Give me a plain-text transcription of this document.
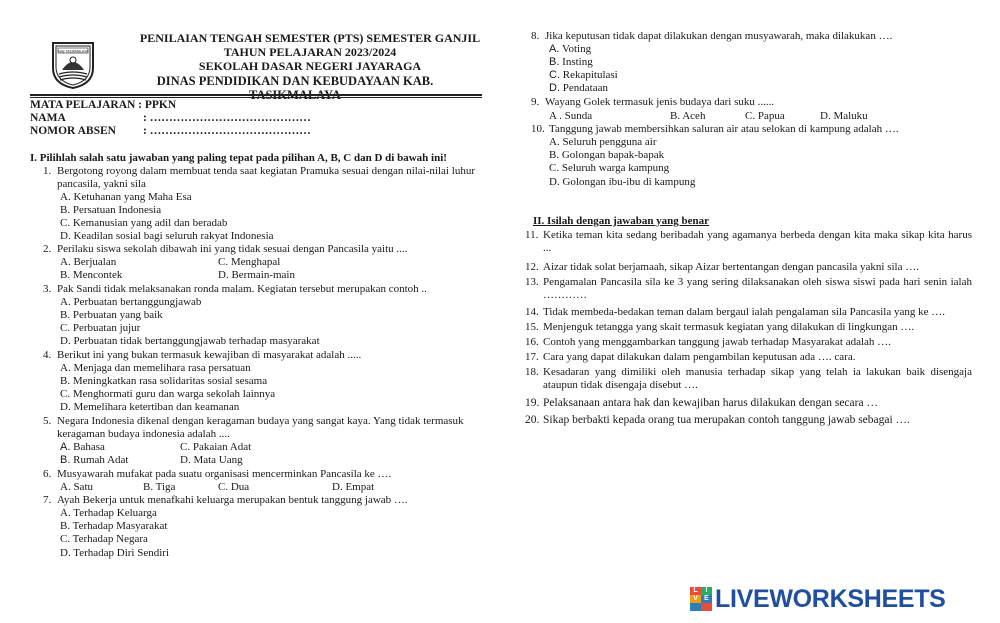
KAB TASIKMALAYA
PENILAIAN TENGAH SEMESTER (PTS) SEMESTER GANJIL
TAHUN PELAJARAN 2023/2024
SEKOLAH DASAR NEGERI JAYARAGA
DINAS PENDIDIKAN DAN KEBUDAYAAN KAB. TASIKMALAYA
MATA PELAJARAN : PPKN
NAMA	: ……………………………………
NOMOR ABSEN : ……………………………………
I. Pilihlah salah satu jawaban yang paling tepat pada pilihan A, B, C dan D di bawah ini!
1. Bergotong royong dalam membuat tenda saat kegiatan Pramuka sesuai dengan nilai-nilai luhur pancasila, yakni sila
A. Ketuhanan yang Maha Esa
B. Persatuan Indonesia
C. Kemanusian yang adil dan beradab
D. Keadilan sosial bagi seluruh rakyat Indonesia
2. Perilaku siswa sekolah dibawah ini yang tidak sesuai dengan Pancasila yaitu ....
A. Berjualan	C. Menghapal
B. Mencontek	D. Bermain-main
3. Pak Sandi tidak melaksanakan ronda malam. Kegiatan tersebut merupakan contoh ..
A. Perbuatan bertanggungjawab
B. Perbuatan yang baik
C. Perbuatan jujur
D. Perbuatan tidak bertanggungjawab terhadap masyarakat
4. Berikut ini yang bukan termasuk kewajiban di masyarakat adalah .....
A. Menjaga dan memelihara rasa persatuan
B. Meningkatkan rasa solidaritas sosial sesama
C. Menghormati guru dan warga sekolah lainnya
D. Memelihara ketertiban dan keamanan
5. Negara Indonesia dikenal dengan keragaman budaya yang sangat kaya. Yang tidak termasuk keragaman budaya indonesia adalah ....
A. Bahasa	C. Pakaian Adat
B. Rumah Adat	D. Mata Uang
6. Musyawarah mufakat pada suatu organisasi mencerminkan Pancasila ke ….
A. Satu	B. Tiga	C. Dua	D. Empat
7. Ayah Bekerja untuk menafkahi keluarga merupakan bentuk tanggung jawab ….
A. Terhadap Keluarga
B. Terhadap Masyarakat
C. Terhadap Negara
D. Terhadap Diri Sendiri
8. Jika keputusan tidak dapat dilakukan dengan musyawarah, maka dilakukan ….
A. Voting
B. Insting
C. Rekapitulasi
D. Pendataan
9. Wayang Golek termasuk jenis budaya dari suku ......
A . Sunda	B. Aceh	C. Papua	D. Maluku
10. Tanggung jawab membersihkan saluran air atau selokan di kampung adalah ….
A. Seluruh pengguna air
B. Golongan bapak-bapak
C. Seluruh warga kampung
D. Golongan ibu-ibu di kampung
II. Isilah dengan jawaban yang benar
11. Ketika teman kita sedang beribadah yang agamanya berbeda dengan kita maka sikap kita harus ...
12. Aizar tidak solat berjamaah, sikap Aizar bertentangan dengan pancasila yakni sila ….
13. Pengamalan Pancasila sila ke 3 yang sering dilaksanakan oleh siswa siswi pada hari senin ialah …………
14. Tidak membeda-bedakan teman dalam bergaul ialah pengalaman sila Pancasila yang ke ….
15. Menjenguk tetangga yang skait termasuk kegiatan yang dilakukan di lingkungan ….
16. Contoh yang menggambarkan tanggung jawab terhadap Masyarakat adalah ….
17. Cara yang dapat dilakukan dalam pengambilan keputusan ada …. cara.
18. Kesadaran yang dimiliki oleh manusia terhadap sikap yang telah ia lakukan baik disengaja ataupun tidak disengaja disebut ….
19. Pelaksanaan antara hak dan kewajiban harus dilakukan dengan secara …
20. Sikap berbakti kepada orang tua merupakan contoh tanggung jawab sebagai ….
L	I
V E LIVEWORKSHEETS
